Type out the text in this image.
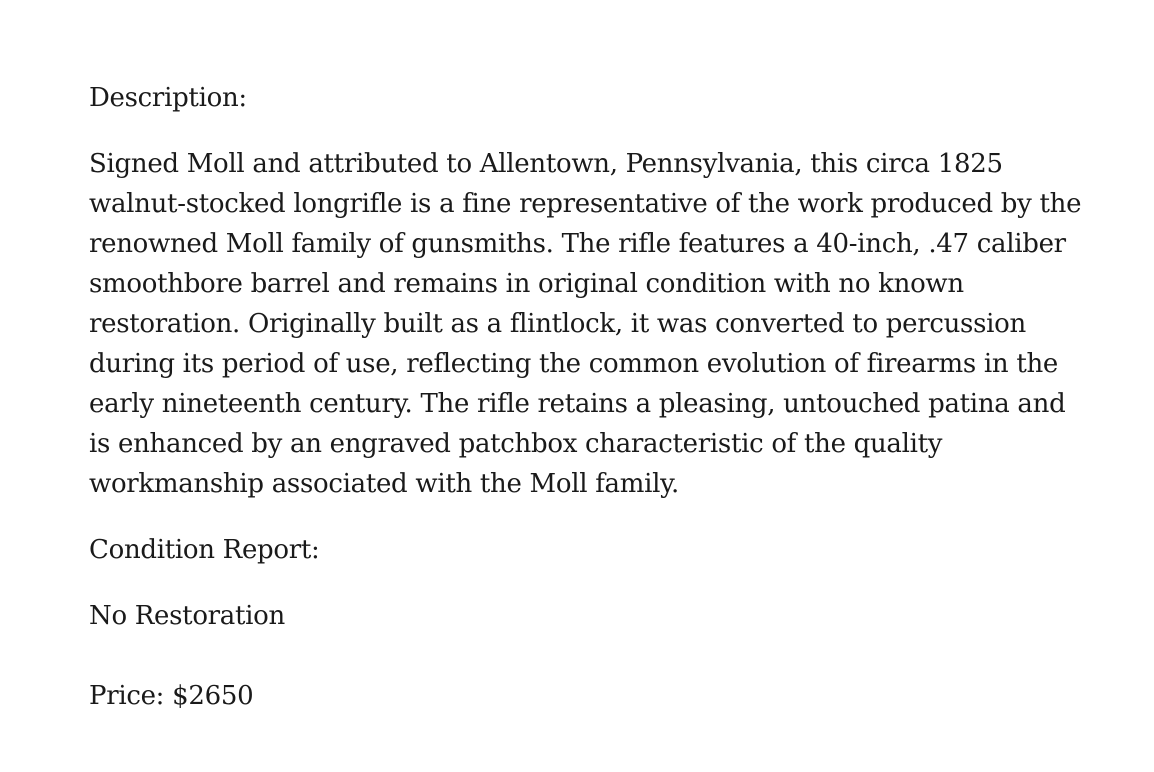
Description:

Signed Moll and attributed to Allentown, Pennsylvania, this circa 1825 walnut-stocked longrifle is a fine representative of the work produced by the renowned Moll family of gunsmiths. The rifle features a 40-inch, .47 caliber smoothbore barrel and remains in original condition with no known restoration. Originally built as a flintlock, it was converted to percussion during its period of use, reflecting the common evolution of firearms in the early nineteenth century. The rifle retains a pleasing, untouched patina and is enhanced by an engraved patchbox characteristic of the quality workmanship associated with the Moll family.

Condition Report:

No Restoration

Price: $2650
